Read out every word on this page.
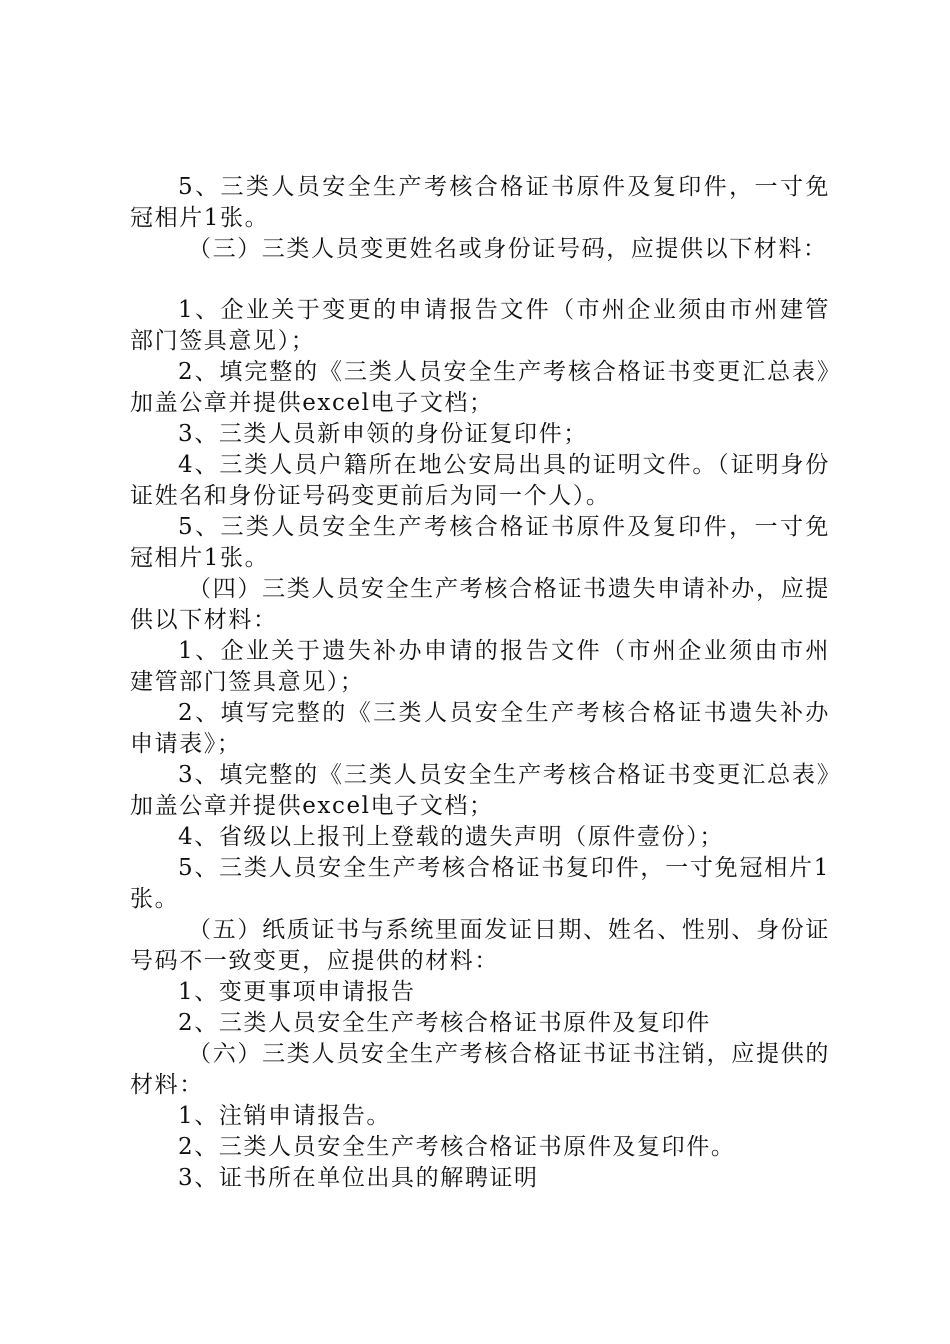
5、三类人员安全生产考核合格证书原件及复印件，一寸免冠相片1张。

（三）三类人员变更姓名或身份证号码，应提供以下材料：

1、企业关于变更的申请报告文件（市州企业须由市州建管部门签具意见）；

2、填完整的《三类人员安全生产考核合格证书变更汇总表》加盖公章并提供excel电子文档；

3、三类人员新申领的身份证复印件；

4、三类人员户籍所在地公安局出具的证明文件。（证明身份证姓名和身份证号码变更前后为同一个人）。

5、三类人员安全生产考核合格证书原件及复印件，一寸免冠相片1张。

（四）三类人员安全生产考核合格证书遗失申请补办，应提供以下材料：

1、企业关于遗失补办申请的报告文件（市州企业须由市州建管部门签具意见）；

2、填写完整的《三类人员安全生产考核合格证书遗失补办申请表》；

3、填完整的《三类人员安全生产考核合格证书变更汇总表》加盖公章并提供excel电子文档；

4、省级以上报刊上登载的遗失声明（原件壹份）；

5、三类人员安全生产考核合格证书复印件，一寸免冠相片1张。

（五）纸质证书与系统里面发证日期、姓名、性别、身份证号码不一致变更，应提供的材料：

1、变更事项申请报告

2、三类人员安全生产考核合格证书原件及复印件

（六）三类人员安全生产考核合格证书证书注销，应提供的材料：

1、注销申请报告。

2、三类人员安全生产考核合格证书原件及复印件。

3、证书所在单位出具的解聘证明
